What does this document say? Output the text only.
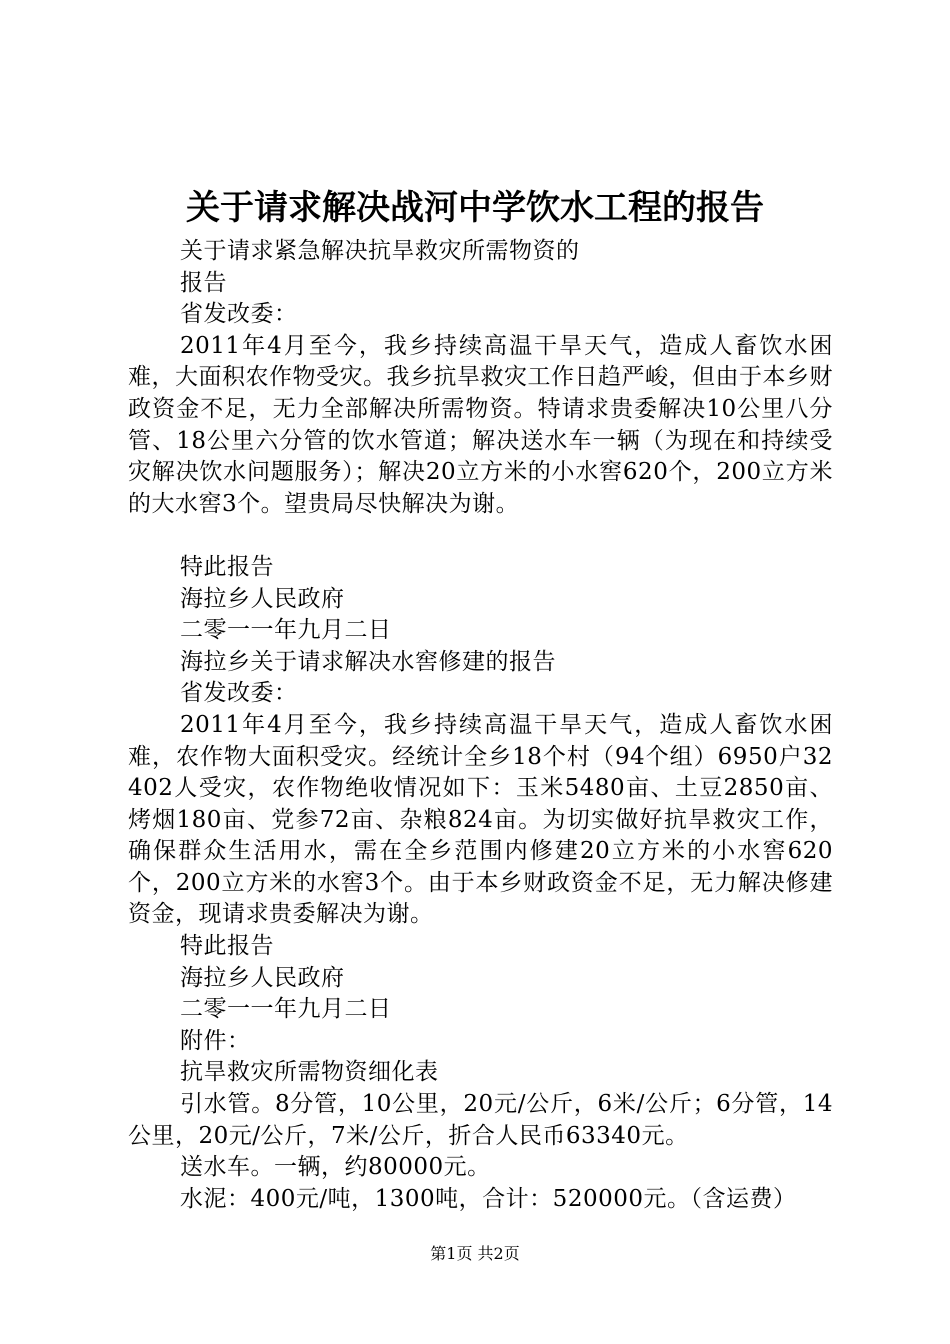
关于请求解决战河中学饮水工程的报告

关于请求紧急解决抗旱救灾所需物资的

报告

省发改委：

2011年4月至今，我乡持续高温干旱天气，造成人畜饮水困难，大面积农作物受灾。我乡抗旱救灾工作日趋严峻，但由于本乡财政资金不足，无力全部解决所需物资。特请求贵委解决10公里八分管、18公里六分管的饮水管道；解决送水车一辆（为现在和持续受灾解决饮水问题服务）；解决20立方米的小水窖620个，200立方米的大水窖3个。望贵局尽快解决为谢。

特此报告

海拉乡人民政府

二零一一年九月二日

海拉乡关于请求解决水窖修建的报告

省发改委：

2011年4月至今，我乡持续高温干旱天气，造成人畜饮水困难，农作物大面积受灾。经统计全乡18个村（94个组）6950户32402人受灾，农作物绝收情况如下：玉米5480亩、土豆2850亩、烤烟180亩、党参72亩、杂粮824亩。为切实做好抗旱救灾工作，确保群众生活用水，需在全乡范围内修建20立方米的小水窖620个，200立方米的水窖3个。由于本乡财政资金不足，无力解决修建资金，现请求贵委解决为谢。

特此报告

海拉乡人民政府

二零一一年九月二日

附件：

抗旱救灾所需物资细化表

引水管。8分管，10公里，20元/公斤，6米/公斤；6分管，14公里，20元/公斤，7米/公斤，折合人民币63340元。

送水车。一辆，约80000元。

水泥：400元/吨，1300吨，合计：520000元。（含运费）

第1页 共2页
